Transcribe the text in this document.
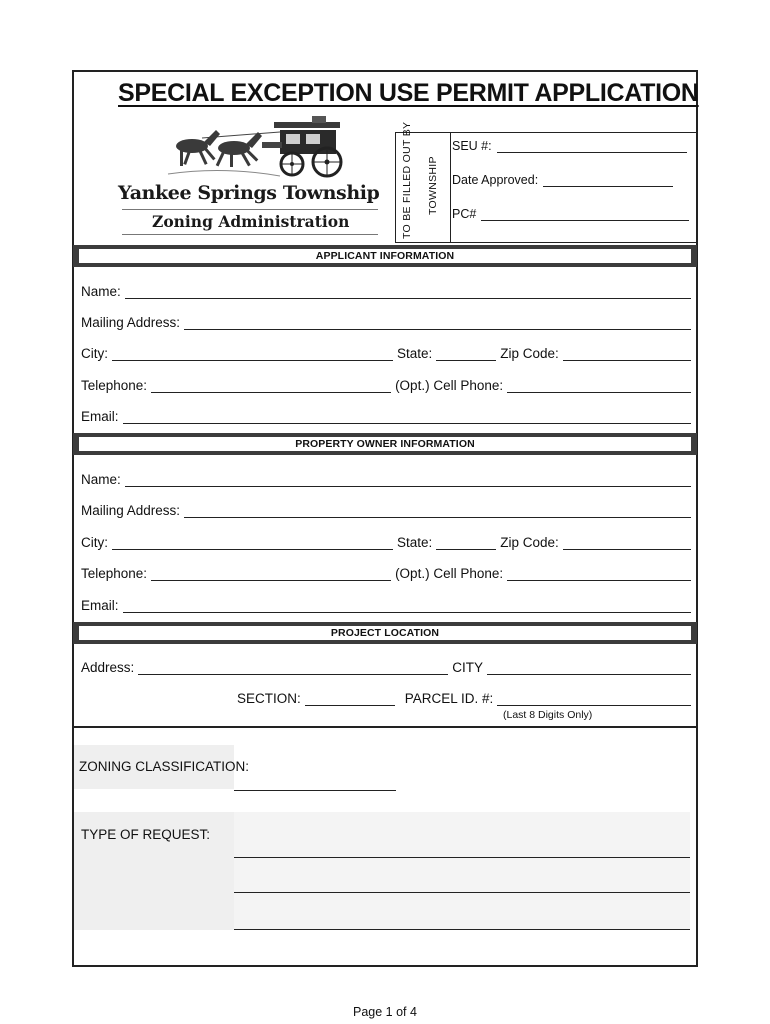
SPECIAL EXCEPTION USE PERMIT APPLICATION
Yankee Springs Township
Zoning Administration	TO BE FILLED OUT BY TOWNSHIP
SEU #:
Date Approved:
PC#
APPLICANT INFORMATION
Name:
Mailing Address:
City:	State:	Zip Code:
Telephone:	(Opt.) Cell Phone:
Email:
PROPERTY OWNER INFORMATION
Name:
Mailing Address:
City:	State:	Zip Code:
Telephone:	(Opt.) Cell Phone:
Email:
PROJECT LOCATION
Address:	CITY
SECTION:	PARCEL ID. #:
(Last 8 Digits Only)
ZONING CLASSIFICATION:
TYPE OF REQUEST:
Page 1 of 4
